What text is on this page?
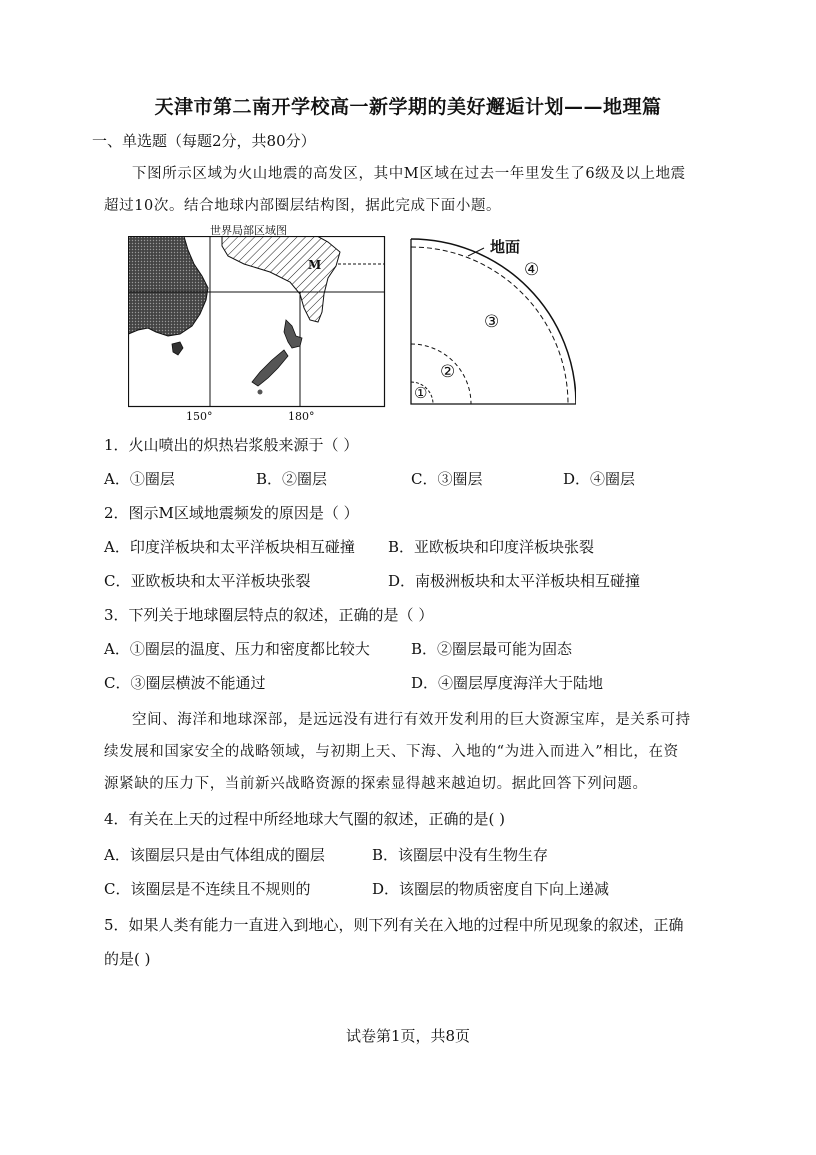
天津市第二南开学校高一新学期的美好邂逅计划——地理篇
一、单选题（每题2分，共80分）
下图所示区域为火山地震的高发区，其中M区域在过去一年里发生了6级及以上地震
超过10次。结合地球内部圈层结构图，据此完成下面小题。
世界局部区域图
M
150°	180°
地面
④
③
②
①
1．火山喷出的炽热岩浆般来源于（ ）
A．①圈层	B．②圈层	C．③圈层	D．④圈层
2．图示M区域地震频发的原因是（ ）
A．印度洋板块和太平洋板块相互碰撞 B．亚欧板块和印度洋板块张裂
C．亚欧板块和太平洋板块张裂	D．南极洲板块和太平洋板块相互碰撞
3．下列关于地球圈层特点的叙述，正确的是（ ）
A．①圈层的温度、压力和密度都比较大	B．②圈层最可能为固态
C．③圈层横波不能通过	D．④圈层厚度海洋大于陆地
空间、海洋和地球深部，是远远没有进行有效开发利用的巨大资源宝库，是关系可持
续发展和国家安全的战略领域，与初期上天、下海、入地的“为进入而进入”相比，在资
源紧缺的压力下，当前新兴战略资源的探索显得越来越迫切。据此回答下列问题。
4．有关在上天的过程中所经地球大气圈的叙述，正确的是( )
A．该圈层只是由气体组成的圈层	B．该圈层中没有生物生存
C．该圈层是不连续且不规则的	D．该圈层的物质密度自下向上递减
5．如果人类有能力一直进入到地心，则下列有关在入地的过程中所见现象的叙述，正确
的是( )
试卷第1页，共8页
